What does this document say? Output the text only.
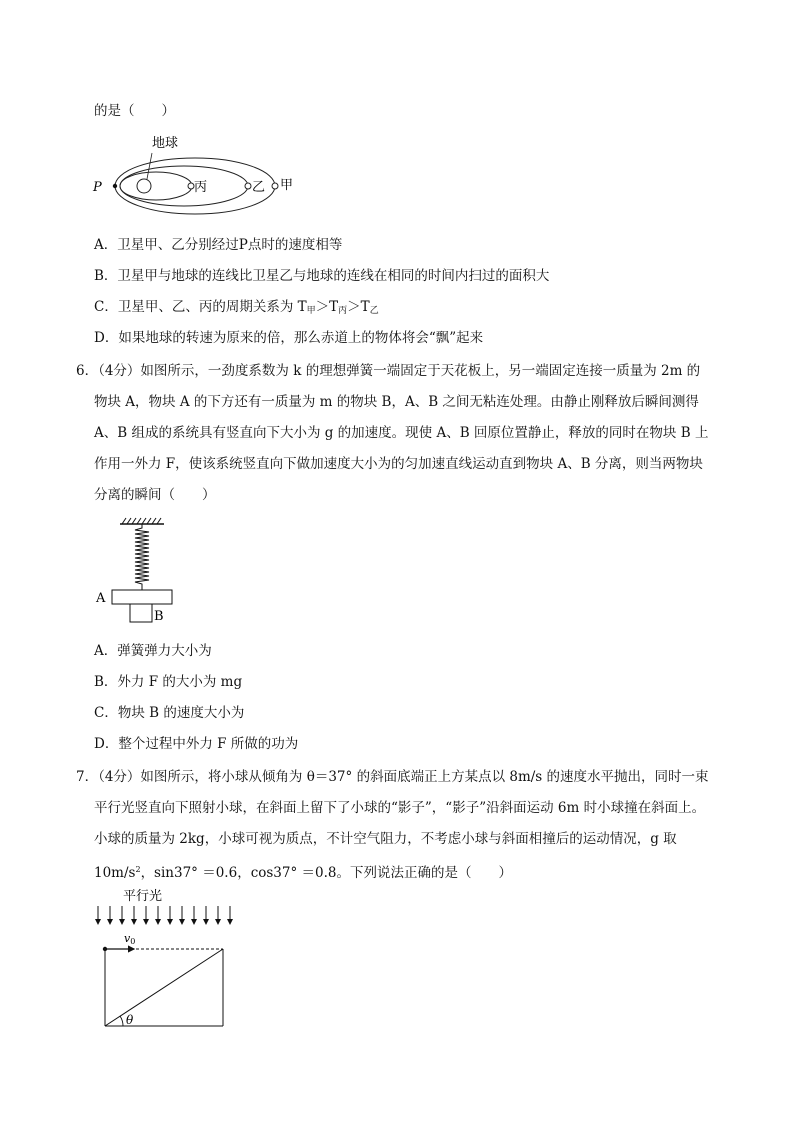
的是（　　）
地球
P	丙	乙 甲
A．卫星甲、乙分别经过P点时的速度相等
B．卫星甲与地球的连线比卫星乙与地球的连线在相同的时间内扫过的面积大
C．卫星甲、乙、丙的周期关系为 $T_甲>T_丙>T_乙$
D．如果地球的转速为原来的倍，那么赤道上的物体将会“飘”起来
6．（4分）如图所示，一劲度系数为 k 的理想弹簧一端固定于天花板上，另一端固定连接一质量为 2m 的
物块 A，物块 A 的下方还有一质量为 m 的物块 B，A、B 之间无粘连处理。由静止刚释放后瞬间测得
A、B 组成的系统具有竖直向下大小为 g 的加速度。现使 A、B 回原位置静止，释放的同时在物块 B 上
作用一外力 F，使该系统竖直向下做加速度大小为的匀加速直线运动直到物块 A、B 分离，则当两物块
分离的瞬间（　　）
A
B
A．弹簧弹力大小为
B．外力 F 的大小为 mg
C．物块 B 的速度大小为
D．整个过程中外力 F 所做的功为
7．（4分）如图所示，将小球从倾角为 θ＝37° 的斜面底端正上方某点以 8m/s 的速度水平抛出，同时一束
平行光竖直向下照射小球，在斜面上留下了小球的“影子”，“影子”沿斜面运动 6m 时小球撞在斜面上。
小球的质量为 2kg，小球可视为质点，不计空气阻力，不考虑小球与斜面相撞后的运动情况，g 取
$10m/s^2$，sin37° ＝0.6，cos37° ＝0.8。下列说法正确的是（　　）
平行光
v0
θ
